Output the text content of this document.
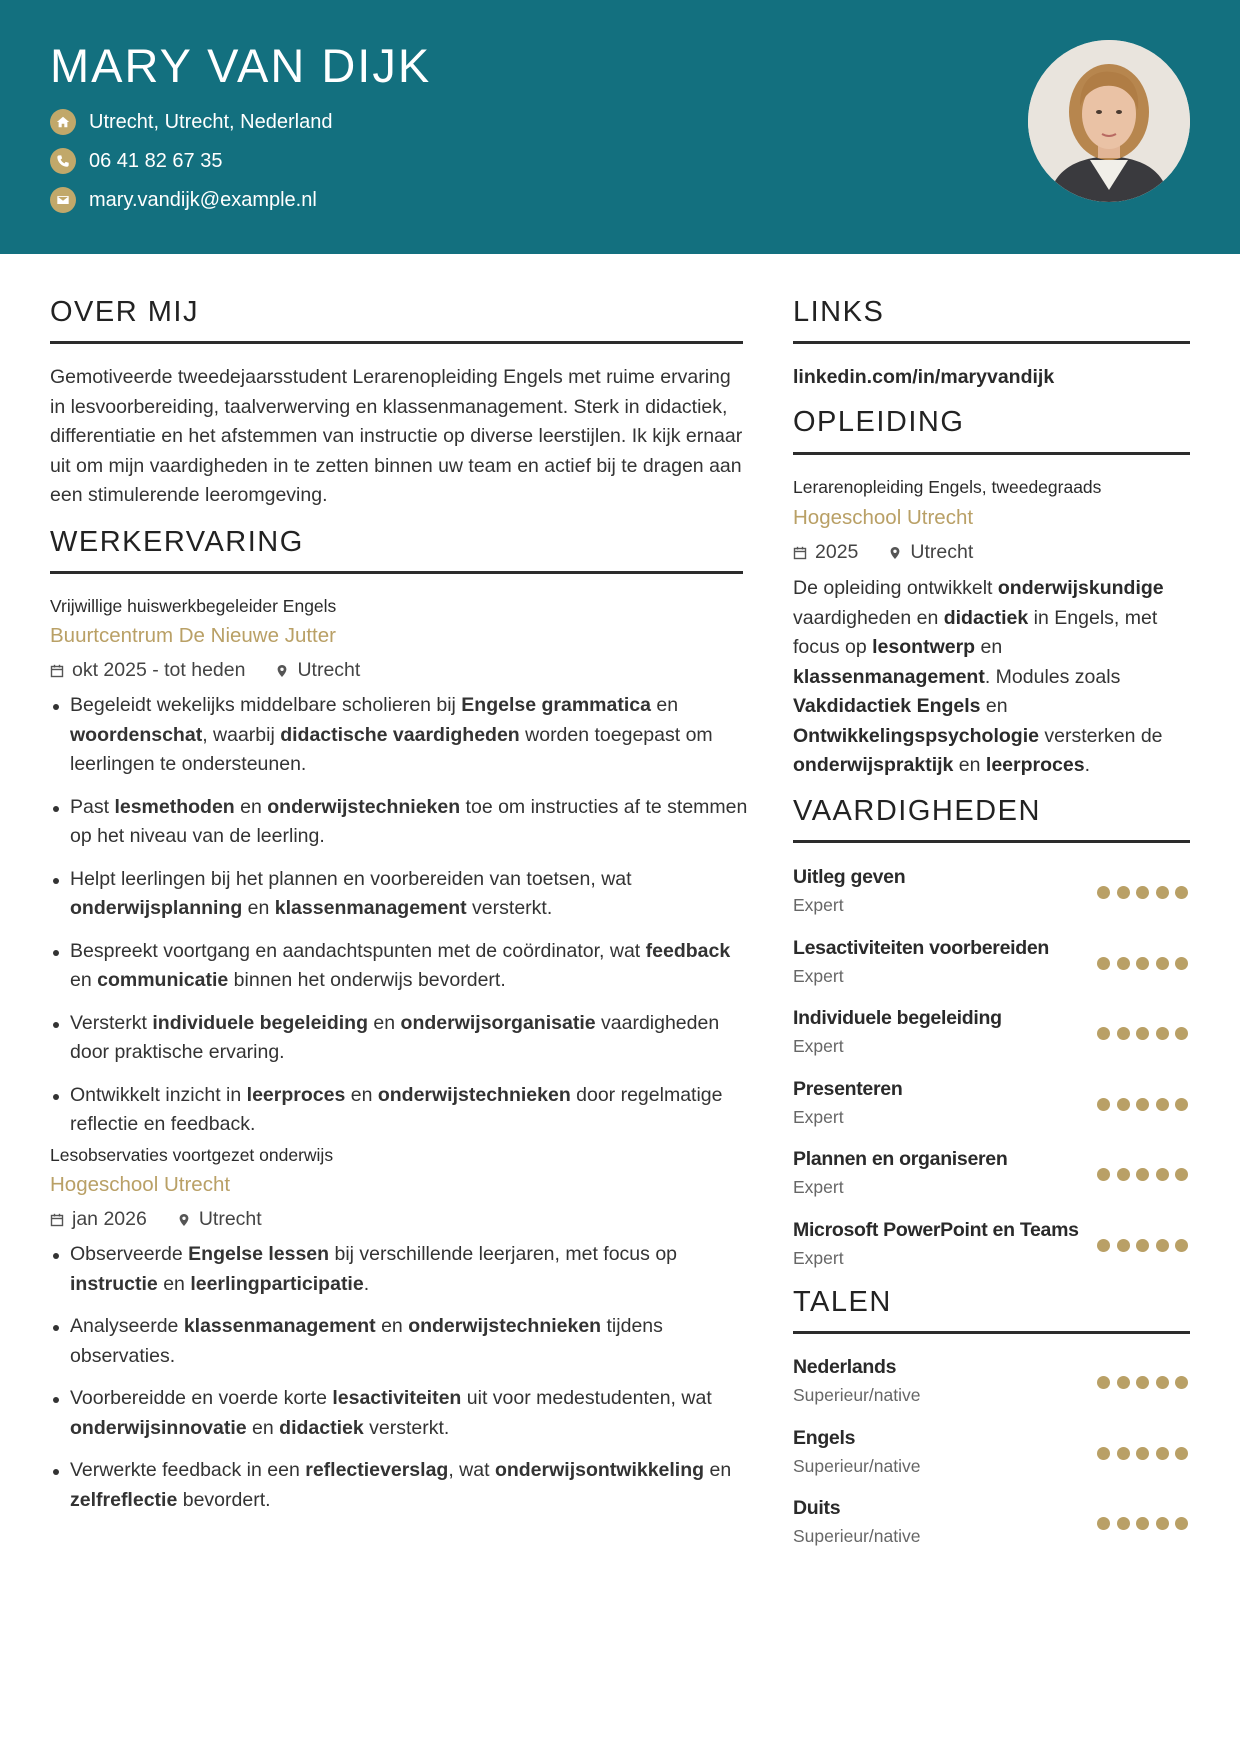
MARY VAN DIJK
Utrecht, Utrecht, Nederland
06 41 82 67 35
mary.vandijk@example.nl
OVER MIJ
Gemotiveerde tweedejaarsstudent Lerarenopleiding Engels met ruime ervaring in lesvoorbereiding, taalverwerving en klassenmanagement. Sterk in didactiek, differentiatie en het afstemmen van instructie op diverse leerstijlen. Ik kijk ernaar uit om mijn vaardigheden in te zetten binnen uw team en actief bij te dragen aan een stimulerende leeromgeving.
WERKERVARING
Vrijwillige huiswerkbegeleider Engels
Buurtcentrum De Nieuwe Jutter
okt 2025 - tot heden	Utrecht
Begeleidt wekelijks middelbare scholieren bij Engelse grammatica en woordenschat, waarbij didactische vaardigheden worden toegepast om leerlingen te ondersteunen.
Past lesmethoden en onderwijstechnieken toe om instructies af te stemmen op het niveau van de leerling.
Helpt leerlingen bij het plannen en voorbereiden van toetsen, wat onderwijsplanning en klassenmanagement versterkt.
Bespreekt voortgang en aandachtspunten met de coördinator, wat feedback en communicatie binnen het onderwijs bevordert.
Versterkt individuele begeleiding en onderwijsorganisatie vaardigheden door praktische ervaring.
Ontwikkelt inzicht in leerproces en onderwijstechnieken door regelmatige reflectie en feedback.
Lesobservaties voortgezet onderwijs
Hogeschool Utrecht
jan 2026	Utrecht
Observeerde Engelse lessen bij verschillende leerjaren, met focus op instructie en leerlingparticipatie.
Analyseerde klassenmanagement en onderwijstechnieken tijdens observaties.
Voorbereidde en voerde korte lesactiviteiten uit voor medestudenten, wat onderwijsinnovatie en didactiek versterkt.
Verwerkte feedback in een reflectieverslag, wat onderwijsontwikkeling en zelfreflectie bevordert.
LINKS
linkedin.com/in/maryvandijk
OPLEIDING
Lerarenopleiding Engels, tweedegraads
Hogeschool Utrecht
2025	Utrecht
De opleiding ontwikkelt onderwijskundige vaardigheden en didactiek in Engels, met focus op lesontwerp en klassenmanagement. Modules zoals Vakdidactiek Engels en Ontwikkelingspsychologie versterken de onderwijspraktijk en leerproces.
VAARDIGHEDEN
Uitleg geven
Expert
Lesactiviteiten voorbereiden
Expert
Individuele begeleiding
Expert
Presenteren
Expert
Plannen en organiseren
Expert
Microsoft PowerPoint en Teams
Expert
TALEN
Nederlands
Superieur/native
Engels
Superieur/native
Duits
Superieur/native
